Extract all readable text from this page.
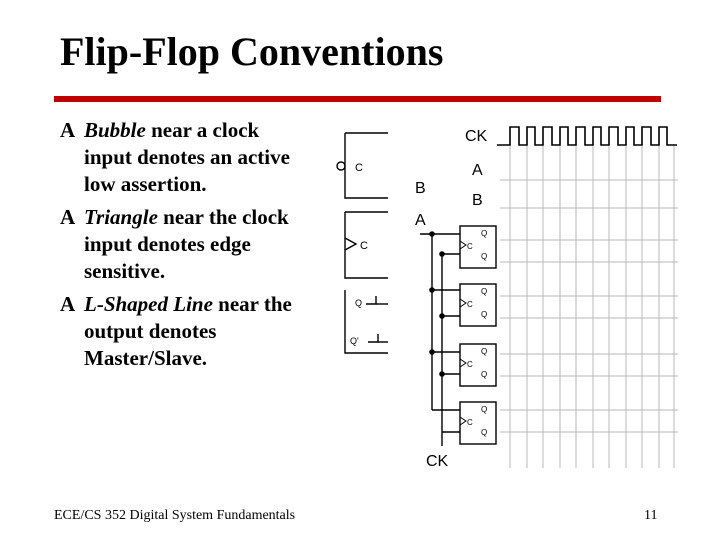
Flip-Flop Conventions
A Bubble near a clock
input denotes an active
low assertion.
A Triangle near the clock
input denotes edge
sensitive.
A L-Shaped Line near the
output denotes
Master/Slave.
C
C
Q
Q'
CK
A
B
B
A
CK
Q
Q
C
Q
Q
C
Q
Q
C
Q
Q
C
ECE/CS 352 Digital System Fundamentals	11
